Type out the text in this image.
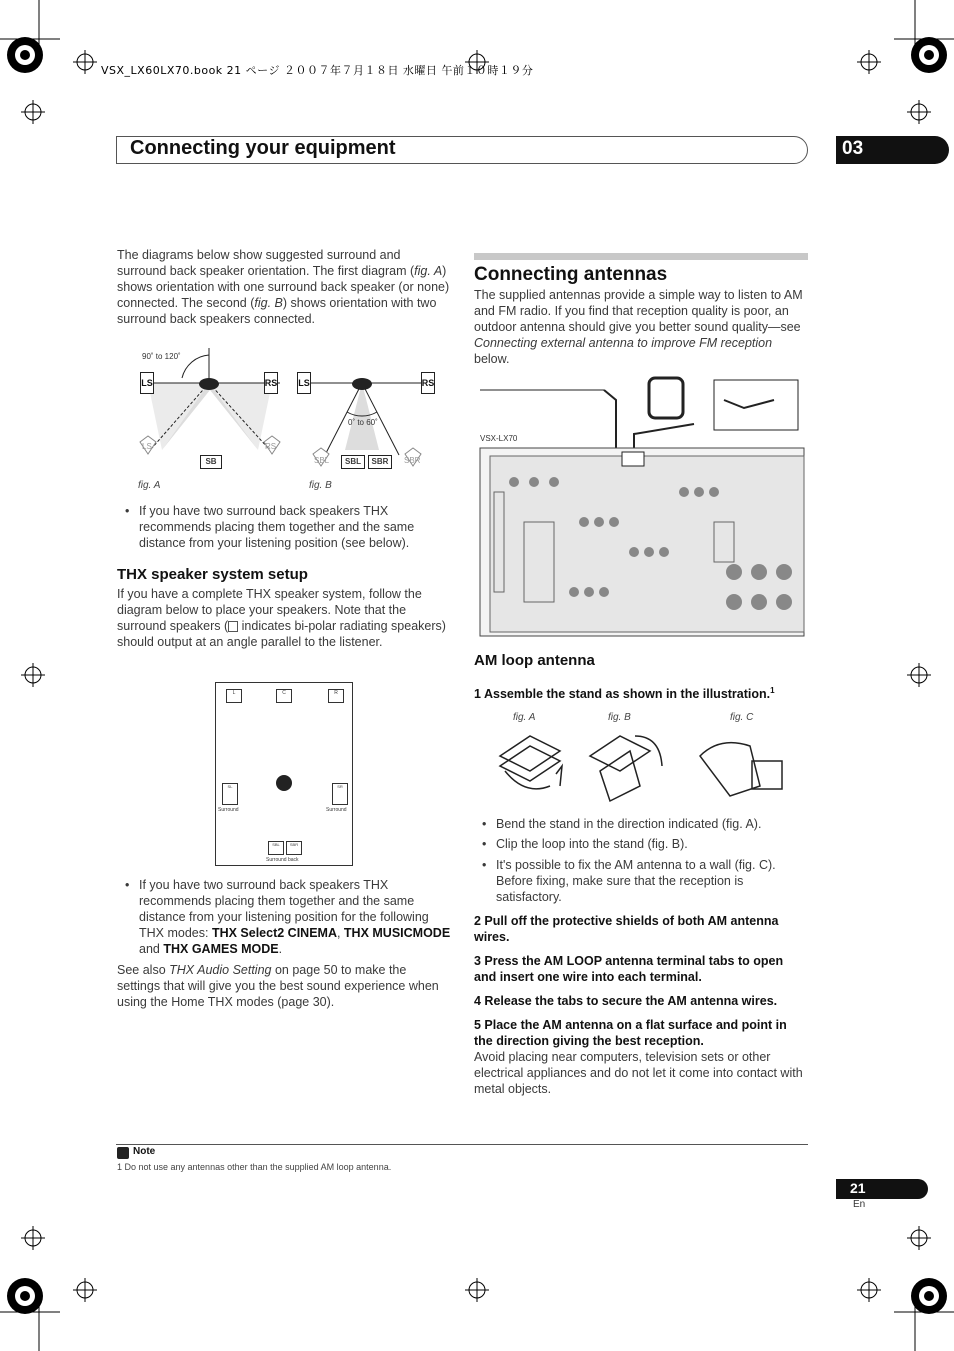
VSX_LX60LX70.book 21 ページ ２００７年７月１８日 水曜日 午前１０時１９分
Connecting your equipment	03
The diagrams below show suggested surround and surround back speaker orientation. The first diagram (fig. A) shows orientation with one surround back speaker (or none) connected. The second (fig. B) shows orientation with two surround back speakers connected.
90˚ to 120˚
LS	RS
LS	RS
SB
fig. A
LS	RS
0˚ to 60˚
SBL	SBL	SBR	SBR
fig. B
• If you have two surround back speakers THX recommends placing them together and the same distance from your listening position (see below).
THX speaker system setup
If you have a complete THX speaker system, follow the diagram below to place your speakers. Note that the surround speakers ( indicates bi-polar radiating speakers) should output at an angle parallel to the listener.
L	C	R
SL	SR
Surround	Surround
SBL	SBR
Surround back
• If you have two surround back speakers THX recommends placing them together and the same distance from your listening position for the following THX modes: THX Select2 CINEMA, THX MUSICMODE and THX GAMES MODE.
See also THX Audio Setting on page 50 to make the settings that will give you the best sound experience when using the Home THX modes (page 30).
Connecting antennas
The supplied antennas provide a simple way to listen to AM and FM radio. If you find that reception quality is poor, an outdoor antenna should give you better sound quality—see Connecting external antenna to improve FM reception below.
VSX-LX70
AM loop antenna
1 Assemble the stand as shown in the illustration.$^1$
fig. A	fig. B	fig. C
• Bend the stand in the direction indicated (fig. A).
• Clip the loop into the stand (fig. B).
• It's possible to fix the AM antenna to a wall (fig. C). Before fixing, make sure that the reception is satisfactory.
2 Pull off the protective shields of both AM antenna wires.
3 Press the AM LOOP antenna terminal tabs to open and insert one wire into each terminal.
4 Release the tabs to secure the AM antenna wires.
5 Place the AM antenna on a flat surface and point in the direction giving the best reception.
Avoid placing near computers, television sets or other electrical appliances and do not let it come into contact with metal objects.
Note
1 Do not use any antennas other than the supplied AM loop antenna.
21
En
